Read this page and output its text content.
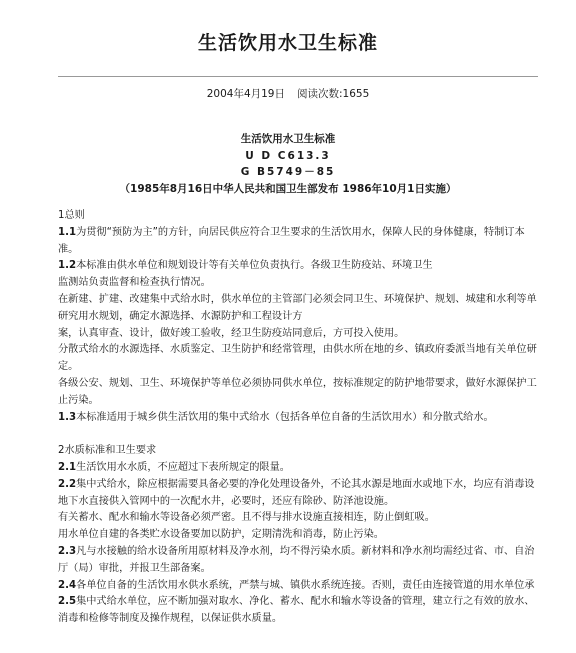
生活饮用水卫生标准
2004年4月19日 阅读次数:1655
生活饮用水卫生标准
U D C613.3
G B5749－85
（1985年8月16日中华人民共和国卫生部发布 1986年10月1日实施）
1总则
1.1为贯彻“预防为主”的方针，向居民供应符合卫生要求的生活饮用水，保障人民的身体健康，特制订本
准。
1.2本标准由供水单位和规划设计等有关单位负责执行。各级卫生防疫站、环境卫生
监测站负责监督和检查执行情况。
在新建、扩建、改建集中式给水时，供水单位的主管部门必须会同卫生、环境保护、规划、城建和水利等单
研究用水规划，确定水源选择、水源防护和工程设计方
案，认真审查、设计，做好竣工验收，经卫生防疫站同意后，方可投入使用。
分散式给水的水源选择、水质鉴定、卫生防护和经常管理，由供水所在地的乡、镇政府委派当地有关单位研
定。
各级公安、规划、卫生、环境保护等单位必须协同供水单位，按标准规定的防护地带要求，做好水源保护工
止污染。
1.3本标准适用于城乡供生活饮用的集中式给水（包括各单位自备的生活饮用水）和分散式给水。
2水质标准和卫生要求
2.1生活饮用水水质，不应超过下表所规定的限量。
2.2集中式给水，除应根据需要具备必要的净化处理设备外，不论其水源是地面水或地下水，均应有消毒设
地下水直接供入管网中的一次配水井，必要时，还应有除砂、防泽池设施。
有关蓄水、配水和输水等设备必须严密。且不得与排水设施直接相连，防止倒虹吸。
用水单位自建的各类贮水设备要加以防护，定期清洗和消毒，防止污染。
2.3凡与水接触的给水设备所用原材料及净水剂，均不得污染水质。新材料和净水剂均需经过省、市、自治
厅（局）审批，并报卫生部备案。
2.4各单位自备的生活饮用水供水系统，严禁与城、镇供水系统连接。否则，责任由连接管道的用水单位承
2.5集中式给水单位，应不断加强对取水、净化、蓄水、配水和输水等设备的管理，建立行之有效的放水、
消毒和检修等制度及操作规程，以保证供水质量。
